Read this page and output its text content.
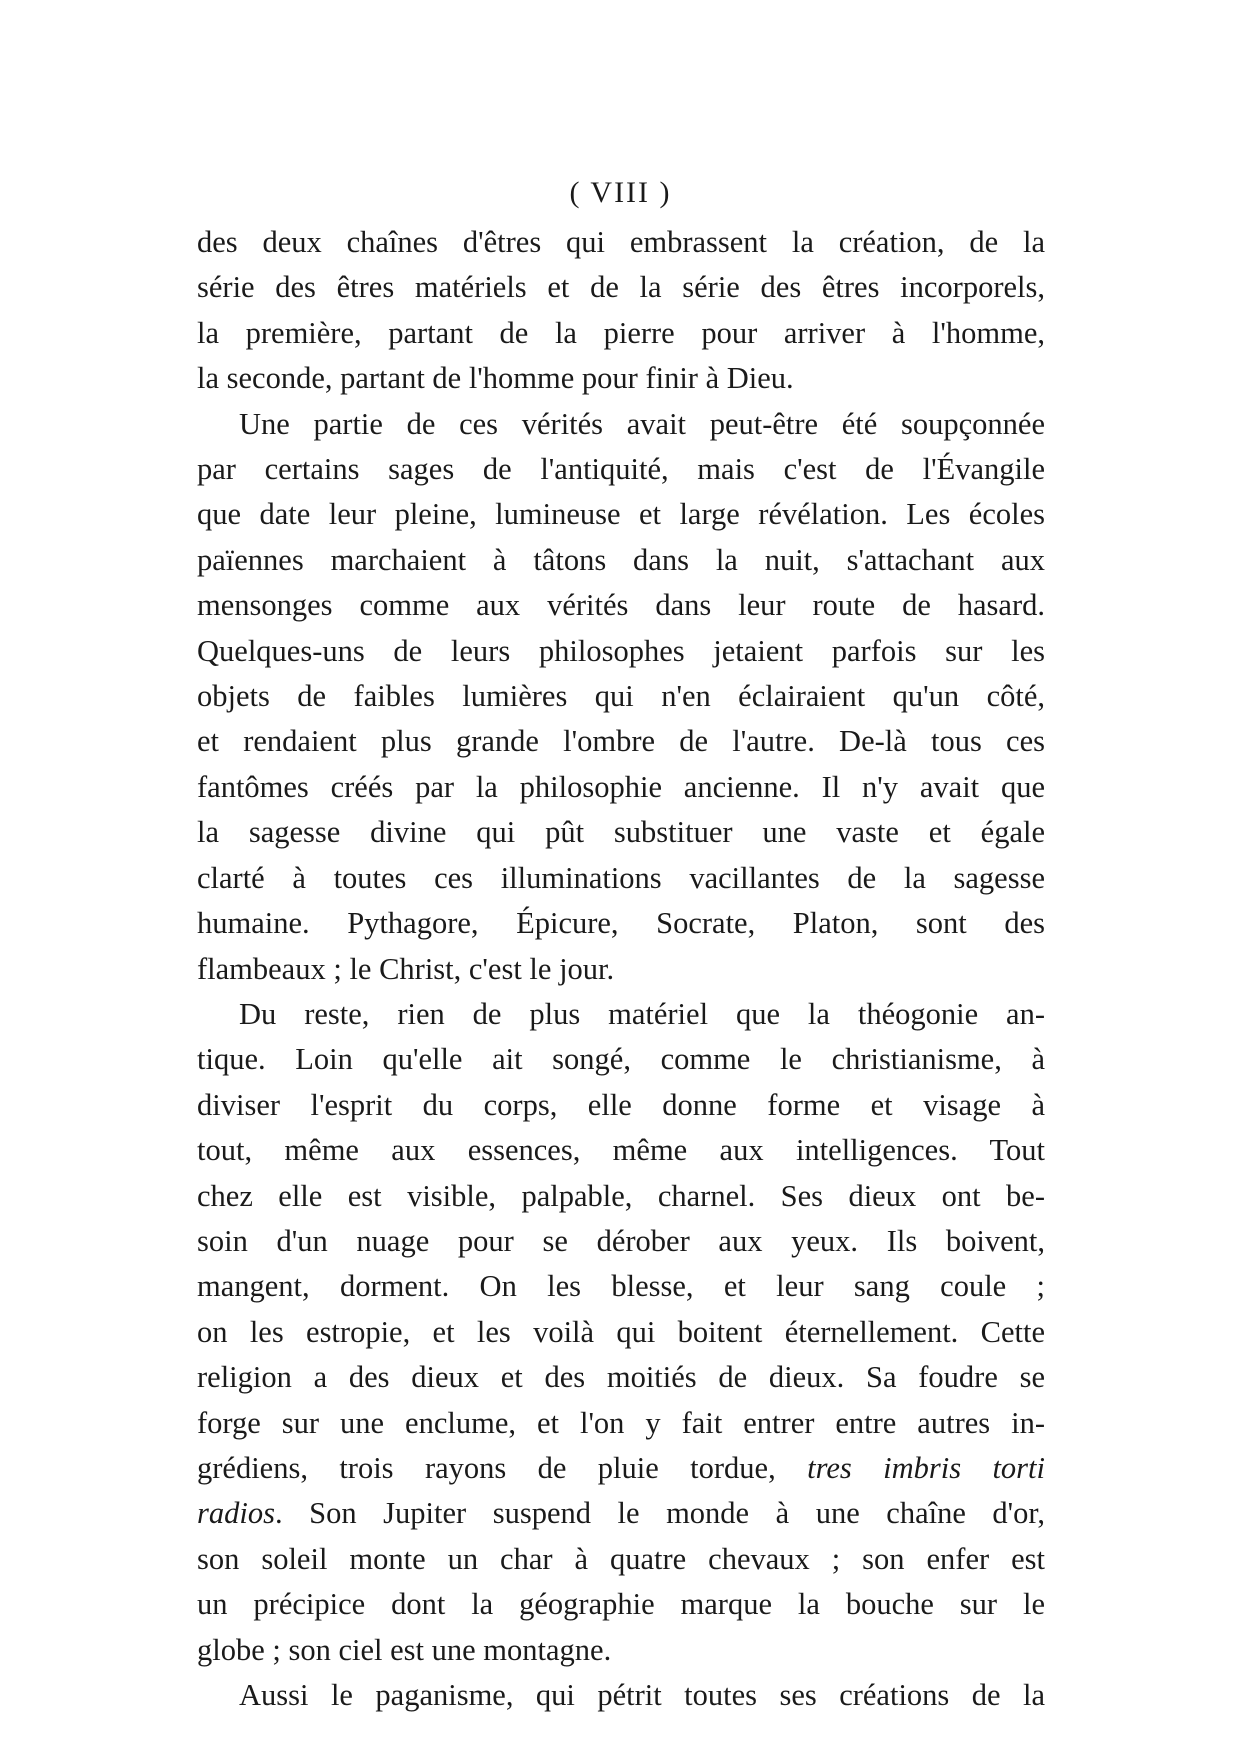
( VIII )
des deux chaînes d'êtres qui embrassent la création, de la
série des êtres matériels et de la série des êtres incorporels,
la première, partant de la pierre pour arriver à l'homme,
la seconde, partant de l'homme pour finir à Dieu.
Une partie de ces vérités avait peut-être été soupçonnée
par certains sages de l'antiquité, mais c'est de l'Évangile
que date leur pleine, lumineuse et large révélation. Les écoles
païennes marchaient à tâtons dans la nuit, s'attachant aux
mensonges comme aux vérités dans leur route de hasard.
Quelques-uns de leurs philosophes jetaient parfois sur les
objets de faibles lumières qui n'en éclairaient qu'un côté,
et rendaient plus grande l'ombre de l'autre. De-là tous ces
fantômes créés par la philosophie ancienne. Il n'y avait que
la sagesse divine qui pût substituer une vaste et égale
clarté à toutes ces illuminations vacillantes de la sagesse
humaine. Pythagore, Épicure, Socrate, Platon, sont des
flambeaux ; le Christ, c'est le jour.
Du reste, rien de plus matériel que la théogonie an-
tique. Loin qu'elle ait songé, comme le christianisme, à
diviser l'esprit du corps, elle donne forme et visage à
tout, même aux essences, même aux intelligences. Tout
chez elle est visible, palpable, charnel. Ses dieux ont be-
soin d'un nuage pour se dérober aux yeux. Ils boivent,
mangent, dorment. On les blesse, et leur sang coule ;
on les estropie, et les voilà qui boitent éternellement. Cette
religion a des dieux et des moitiés de dieux. Sa foudre se
forge sur une enclume, et l'on y fait entrer entre autres in-
grédiens, trois rayons de pluie tordue, tres imbris torti
radios. Son Jupiter suspend le monde à une chaîne d'or,
son soleil monte un char à quatre chevaux ; son enfer est
un précipice dont la géographie marque la bouche sur le
globe ; son ciel est une montagne.
Aussi le paganisme, qui pétrit toutes ses créations de la
